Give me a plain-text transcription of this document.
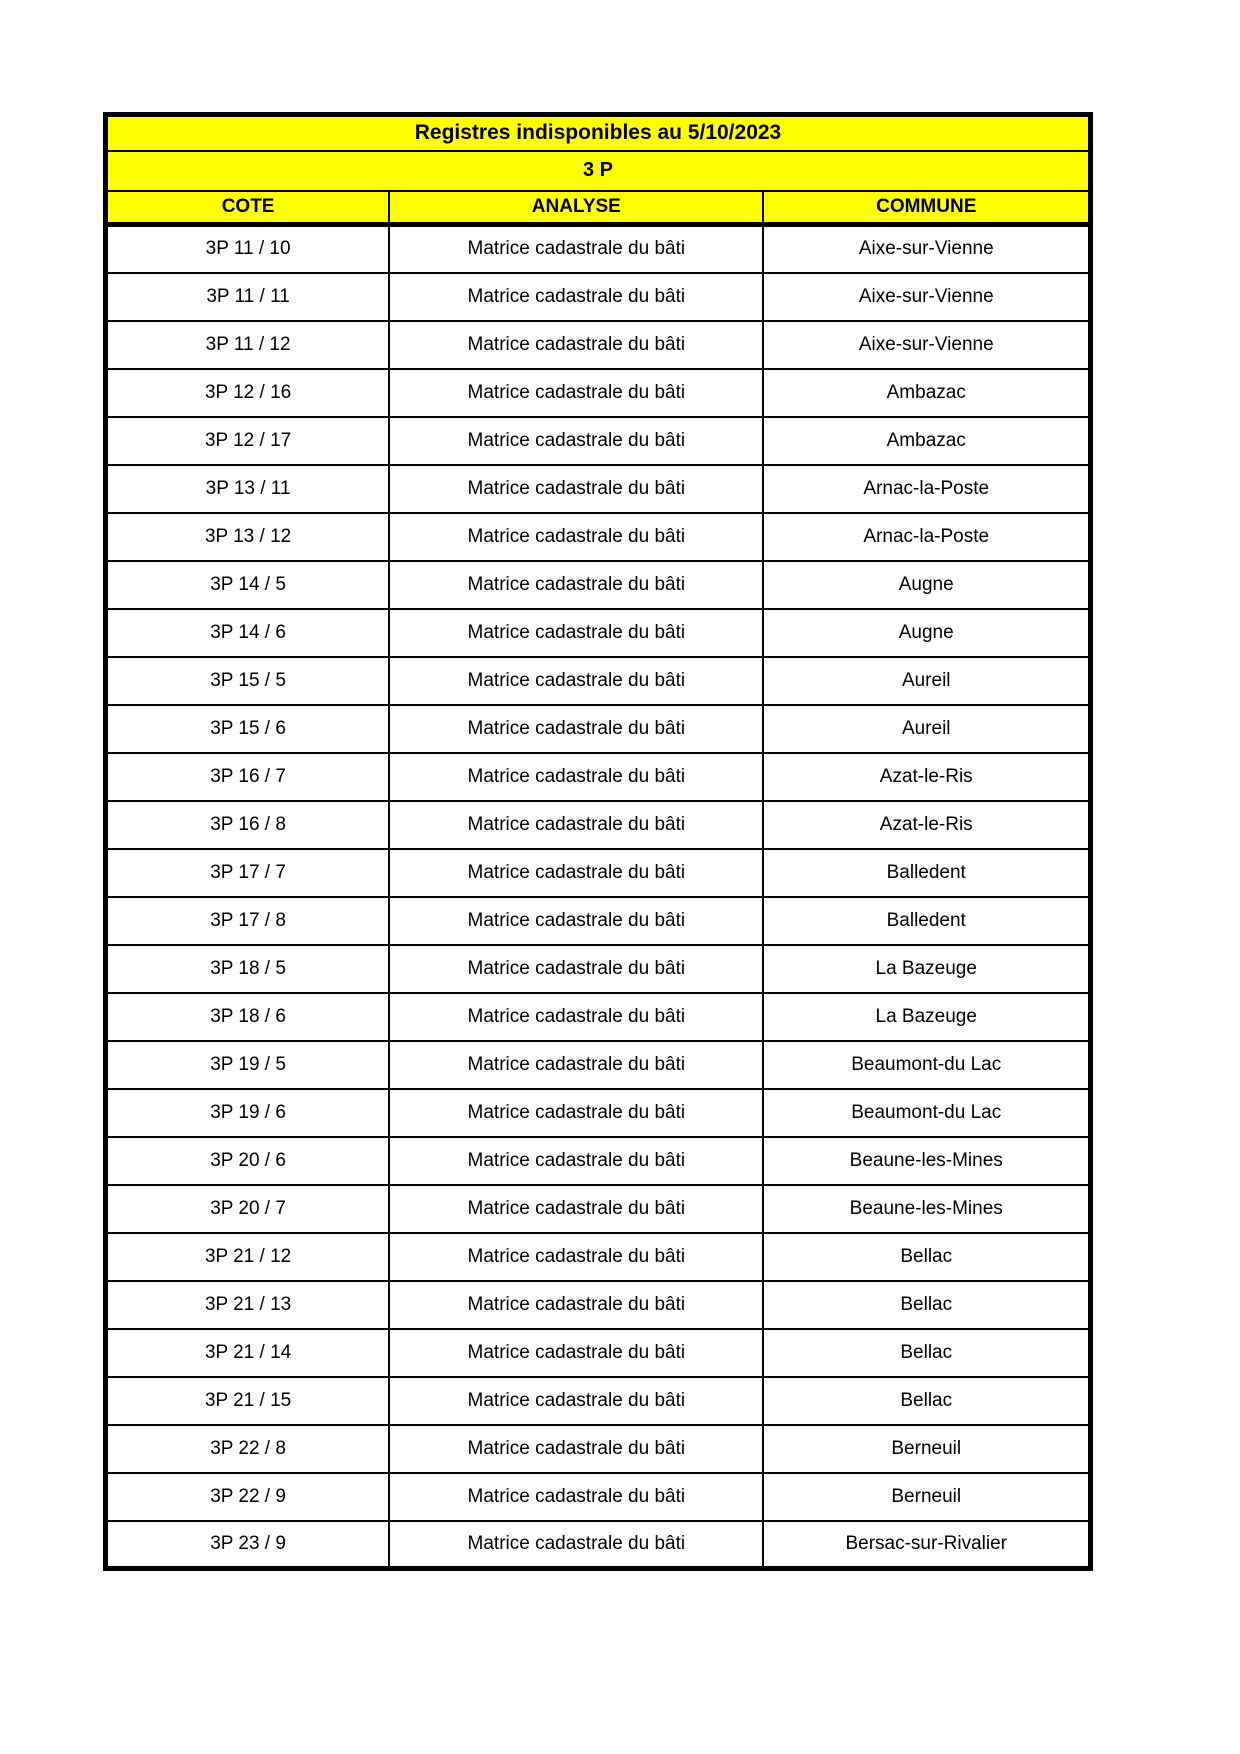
Registres indisponibles au 5/10/2023		
3 P		
COTE	ANALYSE	COMMUNE
3P 11 / 10	Matrice cadastrale du bâti	Aixe-sur-Vienne
3P 11 / 11	Matrice cadastrale du bâti	Aixe-sur-Vienne
3P 11 / 12	Matrice cadastrale du bâti	Aixe-sur-Vienne
3P 12 / 16	Matrice cadastrale du bâti	Ambazac
3P 12 / 17	Matrice cadastrale du bâti	Ambazac
3P 13 / 11	Matrice cadastrale du bâti	Arnac-la-Poste
3P 13 / 12	Matrice cadastrale du bâti	Arnac-la-Poste
3P 14 / 5	Matrice cadastrale du bâti	Augne
3P 14 / 6	Matrice cadastrale du bâti	Augne
3P 15 / 5	Matrice cadastrale du bâti	Aureil
3P 15 / 6	Matrice cadastrale du bâti	Aureil
3P 16 / 7	Matrice cadastrale du bâti	Azat-le-Ris
3P 16 / 8	Matrice cadastrale du bâti	Azat-le-Ris
3P 17 / 7	Matrice cadastrale du bâti	Balledent
3P 17 / 8	Matrice cadastrale du bâti	Balledent
3P 18 / 5	Matrice cadastrale du bâti	La Bazeuge
3P 18 / 6	Matrice cadastrale du bâti	La Bazeuge
3P 19 / 5	Matrice cadastrale du bâti	Beaumont-du Lac
3P 19 / 6	Matrice cadastrale du bâti	Beaumont-du Lac
3P 20 / 6	Matrice cadastrale du bâti	Beaune-les-Mines
3P 20 / 7	Matrice cadastrale du bâti	Beaune-les-Mines
3P 21 / 12	Matrice cadastrale du bâti	Bellac
3P 21 / 13	Matrice cadastrale du bâti	Bellac
3P 21 / 14	Matrice cadastrale du bâti	Bellac
3P 21 / 15	Matrice cadastrale du bâti	Bellac
3P 22 / 8	Matrice cadastrale du bâti	Berneuil
3P 22 / 9	Matrice cadastrale du bâti	Berneuil
3P 23 / 9	Matrice cadastrale du bâti	Bersac-sur-Rivalier
